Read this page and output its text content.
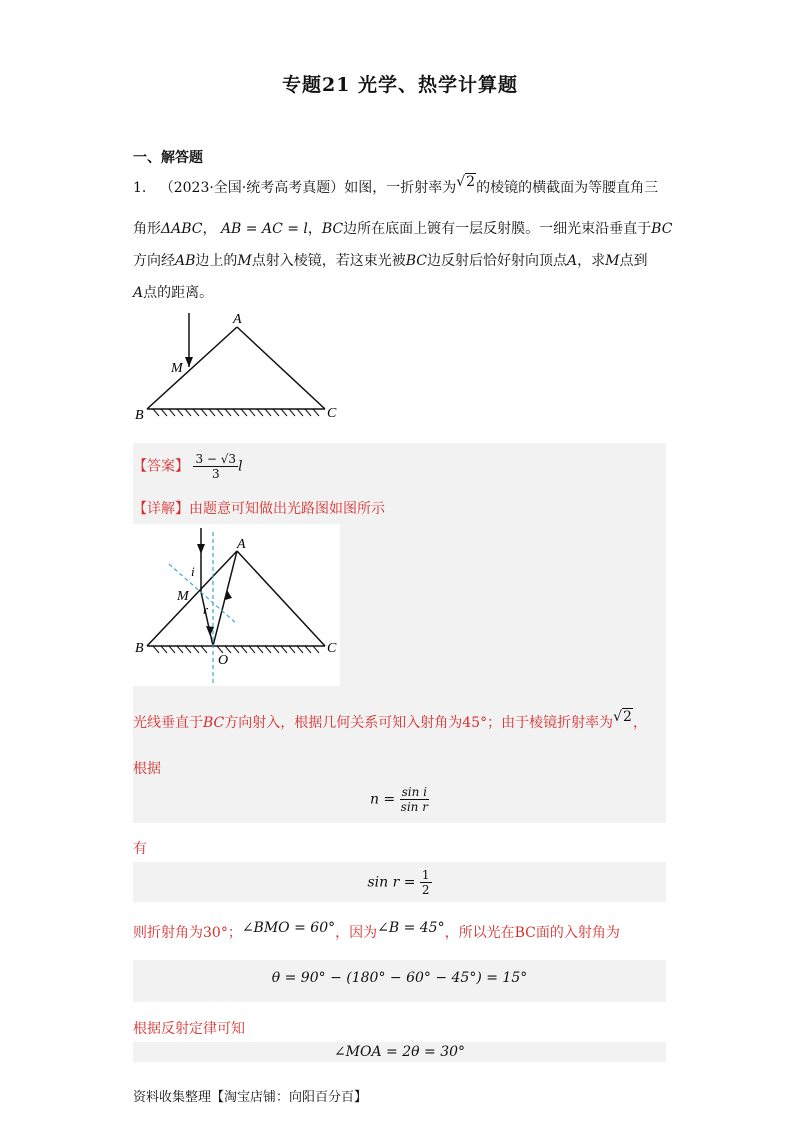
专题21 光学、热学计算题
一、解答题
1. （2023·全国·统考高考真题）如图，一折射率为√2的棱镜的横截面为等腰直角三
角形ΔABC， AB = AC = l，BC边所在底面上镀有一层反射膜。一细光束沿垂直于BC
方向经AB边上的M点射入棱镜，若这束光被BC边反射后恰好射向顶点A，求M点到
A点的距离。
A
B	C
M
【答案】 $\frac{3 - √3}{3}$ l
【详解】由题意可知做出光路图如图所示
A
B	C
M
O
i
r
光线垂直于BC方向射入，根据几何关系可知入射角为45°；由于棱镜折射率为√2，
根据
$n = \frac{\text{sin i}}{\text{sin r}}$
有
$\sin r = \frac{1}{2}$
则折射角为30°；∠BMO = 60°，因为∠B = 45°，所以光在BC面的入射角为
θ = 90° − (180° − 60° − 45°) = 15°
根据反射定律可知
∠MOA = 2θ = 30°
资料收集整理【淘宝店铺：向阳百分百】
